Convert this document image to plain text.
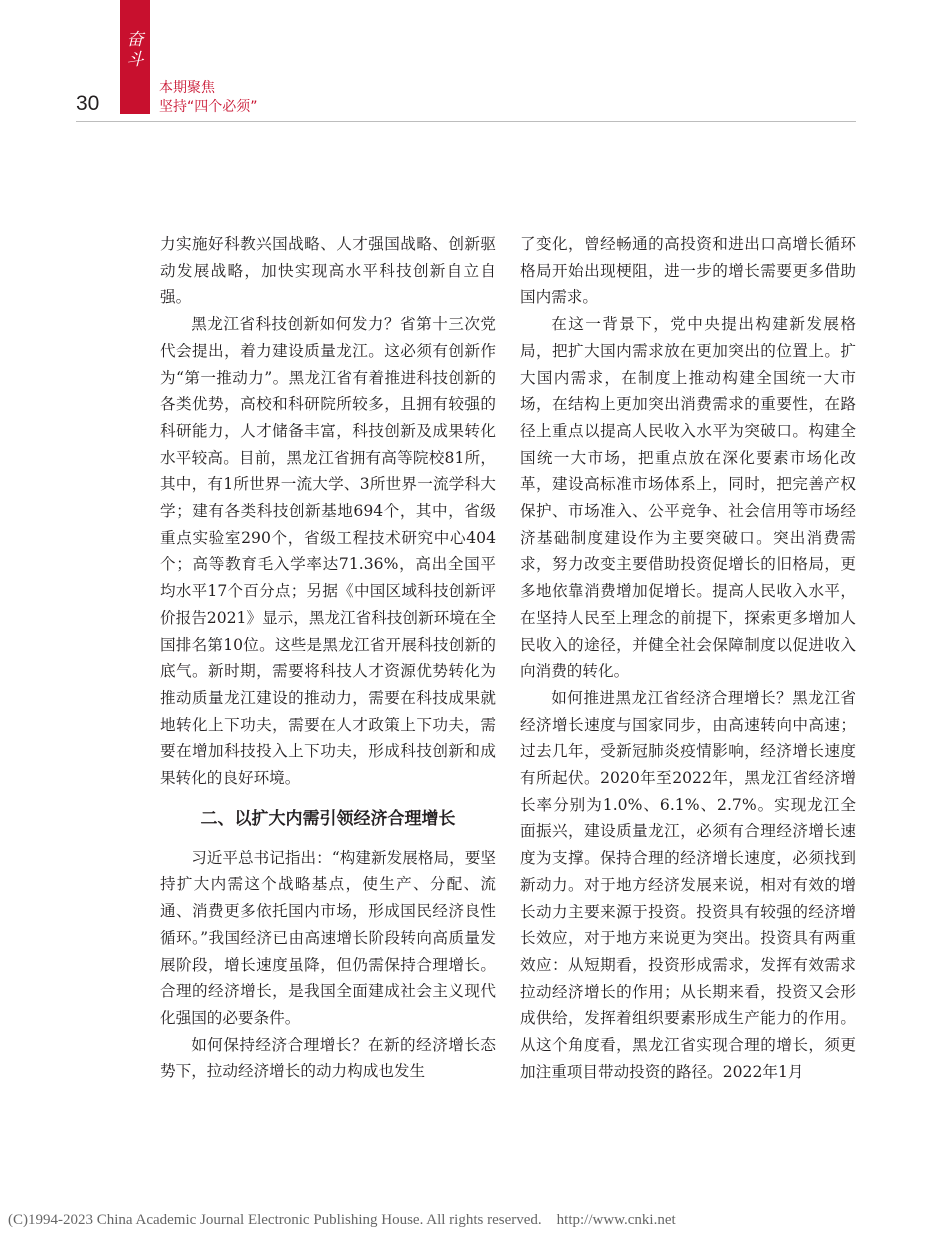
奋斗
30
本期聚焦
坚持“四个必须”

力实施好科教兴国战略、人才强国战略、创新驱动发展战略，加快实现高水平科技创新自立自强。

黑龙江省科技创新如何发力？省第十三次党代会提出，着力建设质量龙江。这必须有创新作为“第一推动力”。黑龙江省有着推进科技创新的各类优势，高校和科研院所较多，且拥有较强的科研能力，人才储备丰富，科技创新及成果转化水平较高。目前，黑龙江省拥有高等院校81所，其中，有1所世界一流大学、3所世界一流学科大学；建有各类科技创新基地694个，其中，省级重点实验室290个，省级工程技术研究中心404个；高等教育毛入学率达71.36%，高出全国平均水平17个百分点；另据《中国区域科技创新评价报告2021》显示，黑龙江省科技创新环境在全国排名第10位。这些是黑龙江省开展科技创新的底气。新时期，需要将科技人才资源优势转化为推动质量龙江建设的推动力，需要在科技成果就地转化上下功夫，需要在人才政策上下功夫，需要在增加科技投入上下功夫，形成科技创新和成果转化的良好环境。

二、以扩大内需引领经济合理增长

习近平总书记指出：“构建新发展格局，要坚持扩大内需这个战略基点，使生产、分配、流通、消费更多依托国内市场，形成国民经济良性循环。”我国经济已由高速增长阶段转向高质量发展阶段，增长速度虽降，但仍需保持合理增长。合理的经济增长，是我国全面建成社会主义现代化强国的必要条件。

如何保持经济合理增长？在新的经济增长态势下，拉动经济增长的动力构成也发生

了变化，曾经畅通的高投资和进出口高增长循环格局开始出现梗阻，进一步的增长需要更多借助国内需求。

在这一背景下，党中央提出构建新发展格局，把扩大国内需求放在更加突出的位置上。扩大国内需求，在制度上推动构建全国统一大市场，在结构上更加突出消费需求的重要性，在路径上重点以提高人民收入水平为突破口。构建全国统一大市场，把重点放在深化要素市场化改革，建设高标准市场体系上，同时，把完善产权保护、市场准入、公平竞争、社会信用等市场经济基础制度建设作为主要突破口。突出消费需求，努力改变主要借助投资促增长的旧格局，更多地依靠消费增加促增长。提高人民收入水平，在坚持人民至上理念的前提下，探索更多增加人民收入的途径，并健全社会保障制度以促进收入向消费的转化。

如何推进黑龙江省经济合理增长？黑龙江省经济增长速度与国家同步，由高速转向中高速；过去几年，受新冠肺炎疫情影响，经济增长速度有所起伏。2020年至2022年，黑龙江省经济增长率分别为1.0%、6.1%、2.7%。实现龙江全面振兴，建设质量龙江，必须有合理经济增长速度为支撑。保持合理的经济增长速度，必须找到新动力。对于地方经济发展来说，相对有效的增长动力主要来源于投资。投资具有较强的经济增长效应，对于地方来说更为突出。投资具有两重效应：从短期看，投资形成需求，发挥有效需求拉动经济增长的作用；从长期来看，投资又会形成供给，发挥着组织要素形成生产能力的作用。从这个角度看，黑龙江省实现合理的增长，须更加注重项目带动投资的路径。2022年1月

(C)1994-2023 China Academic Journal Electronic Publishing House. All rights reserved. http://www.cnki.net
